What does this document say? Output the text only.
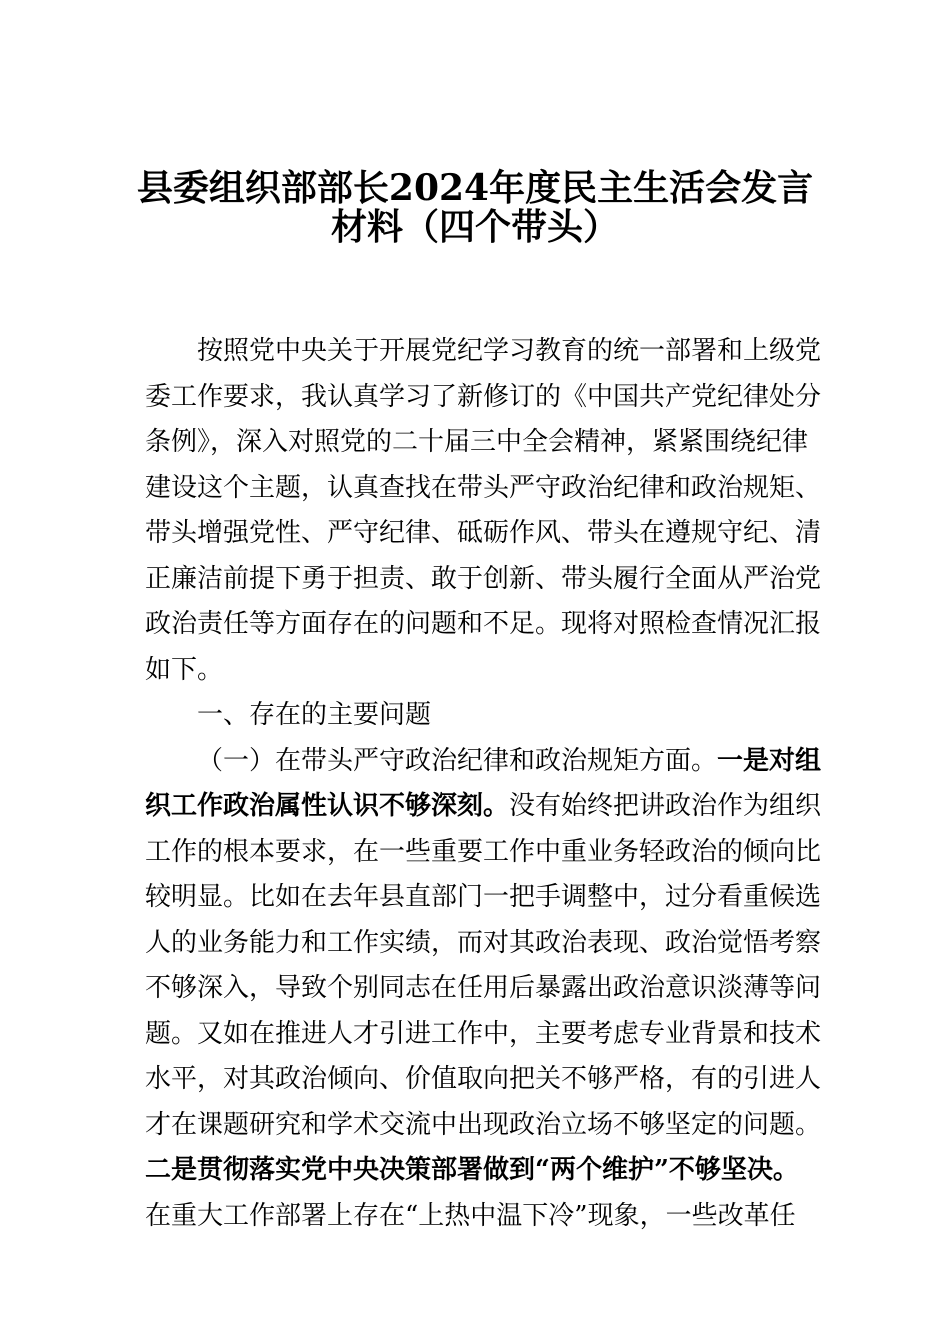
县委组织部部长2024年度民主生活会发言
材料（四个带头）
按照党中央关于开展党纪学习教育的统一部署和上级党
委工作要求，我认真学习了新修订的《中国共产党纪律处分
条例》，深入对照党的二十届三中全会精神，紧紧围绕纪律
建设这个主题，认真查找在带头严守政治纪律和政治规矩、
带头增强党性、严守纪律、砥砺作风、带头在遵规守纪、清
正廉洁前提下勇于担责、敢于创新、带头履行全面从严治党
政治责任等方面存在的问题和不足。现将对照检查情况汇报
如下。
一、存在的主要问题
（一）在带头严守政治纪律和政治规矩方面。一是对组
织工作政治属性认识不够深刻。没有始终把讲政治作为组织
工作的根本要求，在一些重要工作中重业务轻政治的倾向比
较明显。比如在去年县直部门一把手调整中，过分看重候选
人的业务能力和工作实绩，而对其政治表现、政治觉悟考察
不够深入，导致个别同志在任用后暴露出政治意识淡薄等问
题。又如在推进人才引进工作中，主要考虑专业背景和技术
水平，对其政治倾向、价值取向把关不够严格，有的引进人
才在课题研究和学术交流中出现政治立场不够坚定的问题。
二是贯彻落实党中央决策部署做到“两个维护”不够坚决。
在重大工作部署上存在“上热中温下冷”现象，一些改革任
